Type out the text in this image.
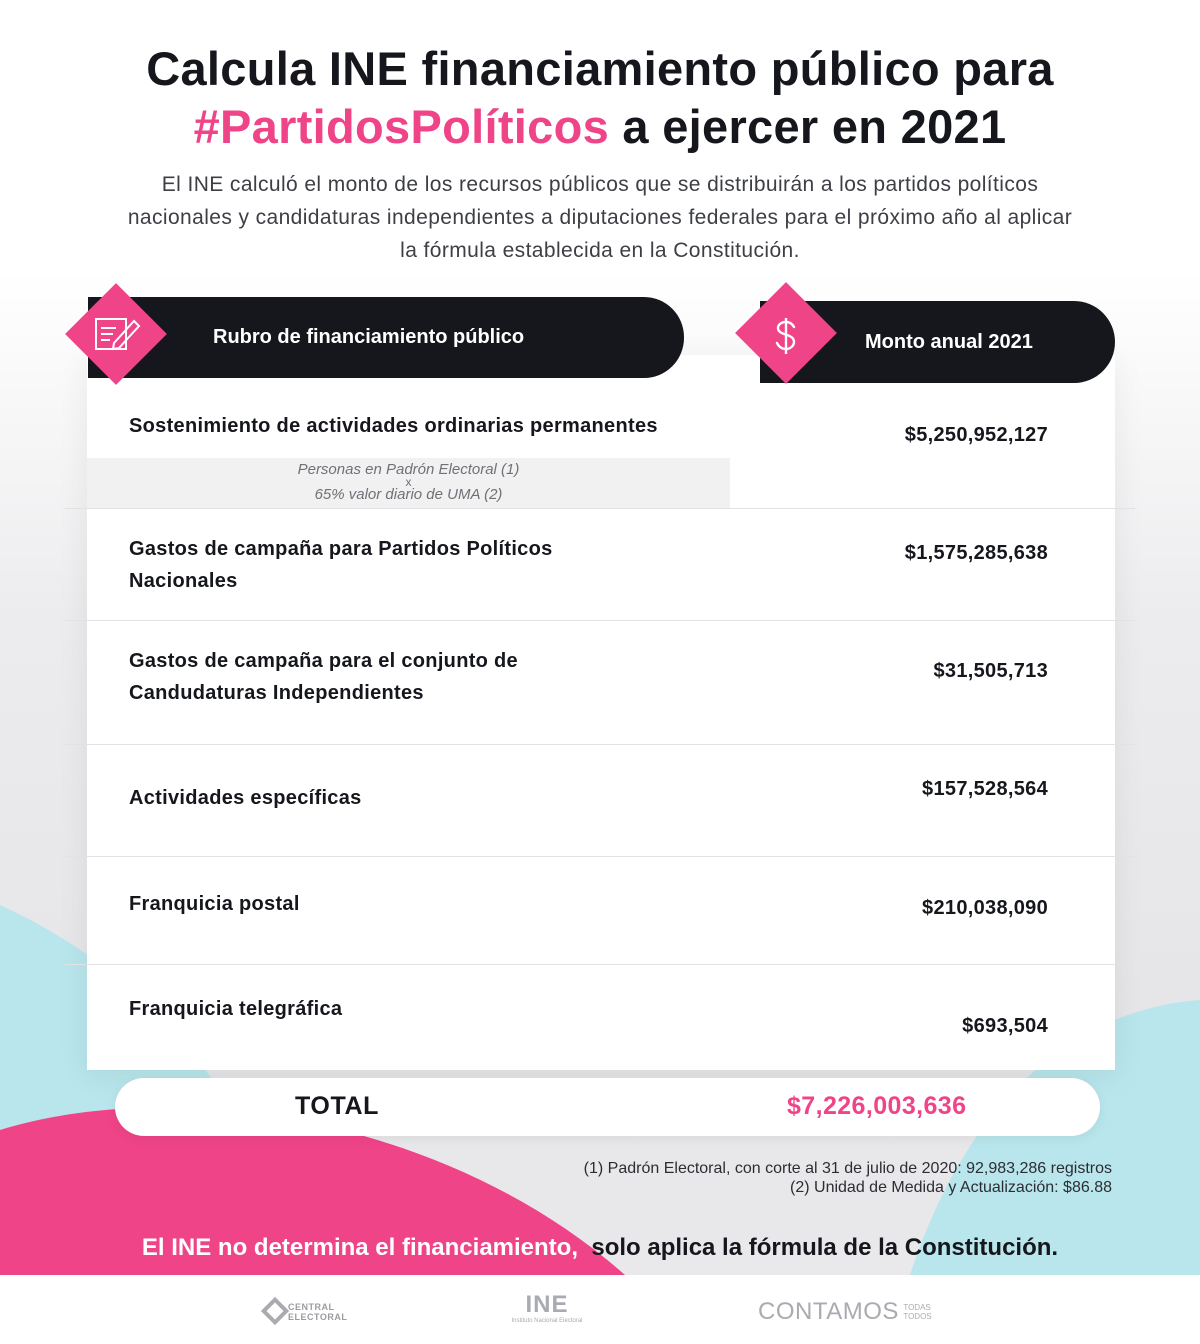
Calcula INE financiamiento público para
#PartidosPolíticos a ejercer en 2021

El INE calculó el monto de los recursos públicos que se distribuirán a los partidos políticos nacionales y candidaturas independientes a diputaciones federales para el próximo año al aplicar la fórmula establecida en la Constitución.

Rubro de financiamiento público	Monto anual 2021
Sostenimiento de actividades ordinarias permanentes	$5,250,952,127
Personas en Padrón Electoral (1)
x
65% valor diario de UMA (2)
Gastos de campaña para Partidos Políticos Nacionales
$1,575,285,638
Gastos de campaña para el conjunto de Candudaturas Independientes
$31,505,713
Actividades específicas	$157,528,564
Franquicia postal	$210,038,090
Franquicia telegráfica
$693,504
TOTAL	$7,226,003,636
(1) Padrón Electoral, con corte al 31 de julio de 2020: 92,983,286 registros
(2) Unidad de Medida y Actualización: $86.88
El INE no determina el financiamiento, solo aplica la fórmula de la Constitución.
CENTRAL
ELECTORAL	INE
Instituto Nacional Electoral	CONTAMOS TODAS
TODOS
